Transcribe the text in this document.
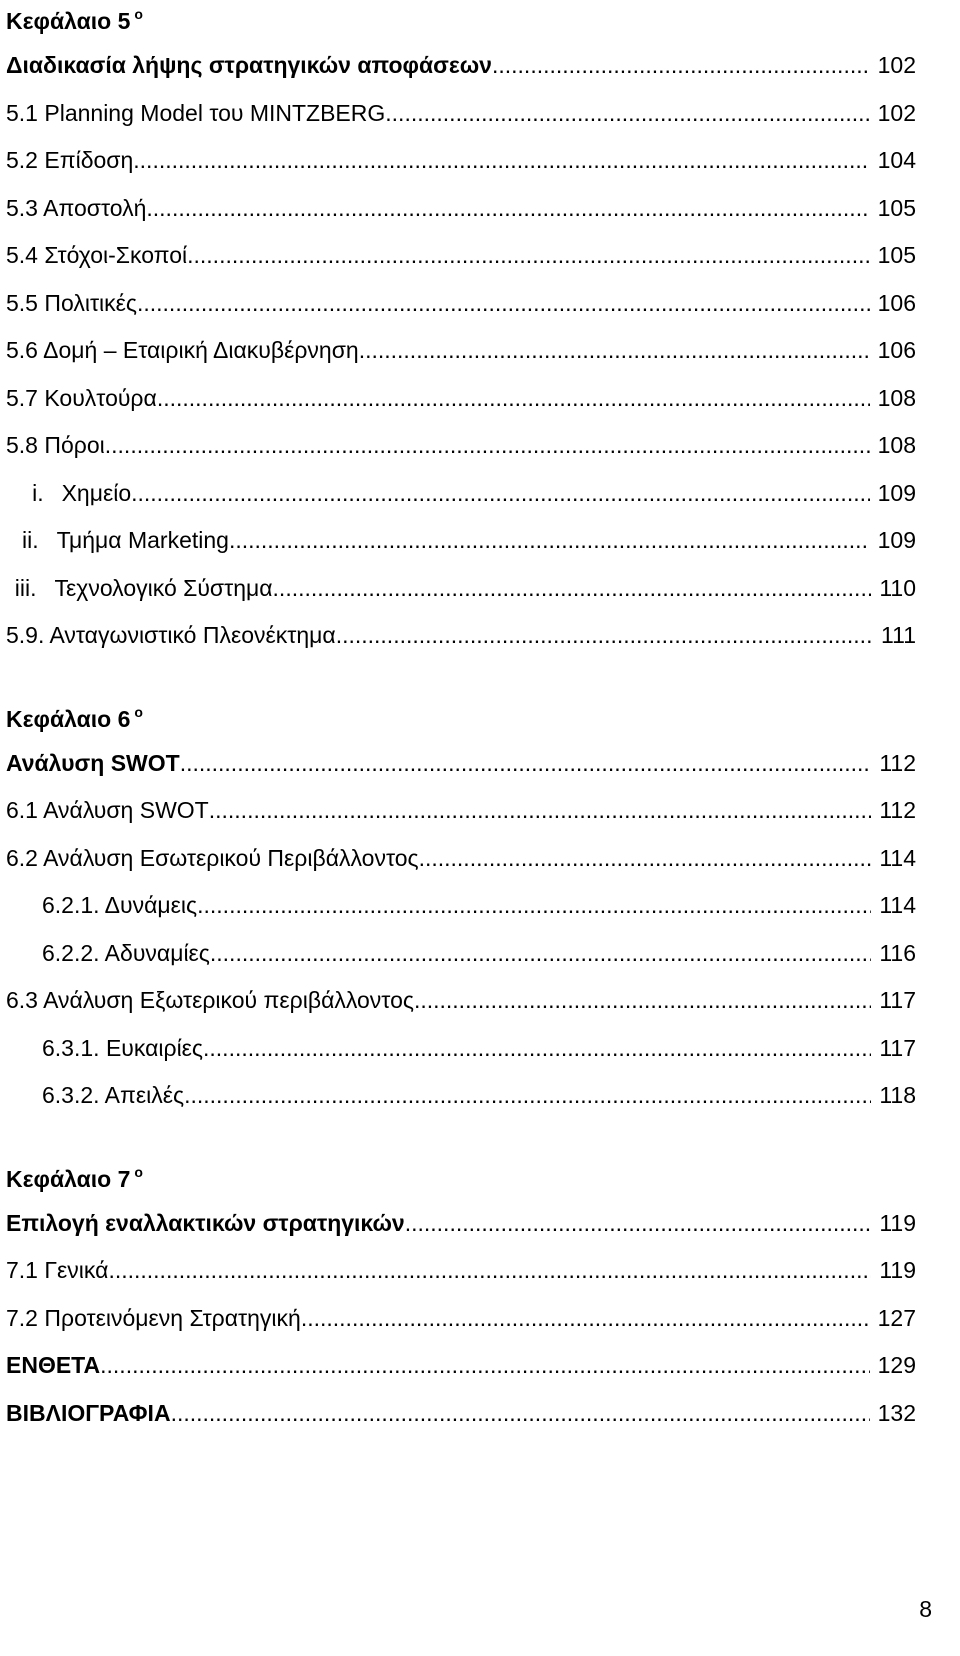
Κεφάλαιο 5 $^o$
Διαδικασία λήψης στρατηγικών αποφάσεων .....	102
5.1 Planning Model του MINTZBERG .....	102
5.2 Επίδοση .....	104
5.3 Αποστολή .....	105
5.4 Στόχοι-Σκοποί .....	105
5.5 Πολιτικές .....	106
5.6 Δομή – Εταιρική Διακυβέρνηση .....	106
5.7 Κουλτούρα .....	108
5.8 Πόροι .....	108
i. Χημείο .....	109
ii. Τμήμα Marketing .....	109
iii. Τεχνολογικό Σύστημα .....	110
5.9. Ανταγωνιστικό Πλεονέκτημα .....	111
Κεφάλαιο 6 $^o$
Ανάλυση SWOT .....	112
6.1 Ανάλυση SWOT .....	112
6.2 Ανάλυση Εσωτερικού Περιβάλλοντος .....	114
6.2.1. Δυνάμεις .....	114
6.2.2. Αδυναμίες .....	116
6.3 Ανάλυση Εξωτερικού περιβάλλοντος .....	117
6.3.1. Ευκαιρίες .....	117
6.3.2. Απειλές .....	118
Κεφάλαιο 7 $^o$
Επιλογή εναλλακτικών στρατηγικών .....	119
7.1 Γενικά .....	119
7.2 Προτεινόμενη Στρατηγική .....	127
ΕΝΘΕΤΑ .....	129
ΒΙΒΛΙΟΓΡΑΦΙΑ .....	132
8
